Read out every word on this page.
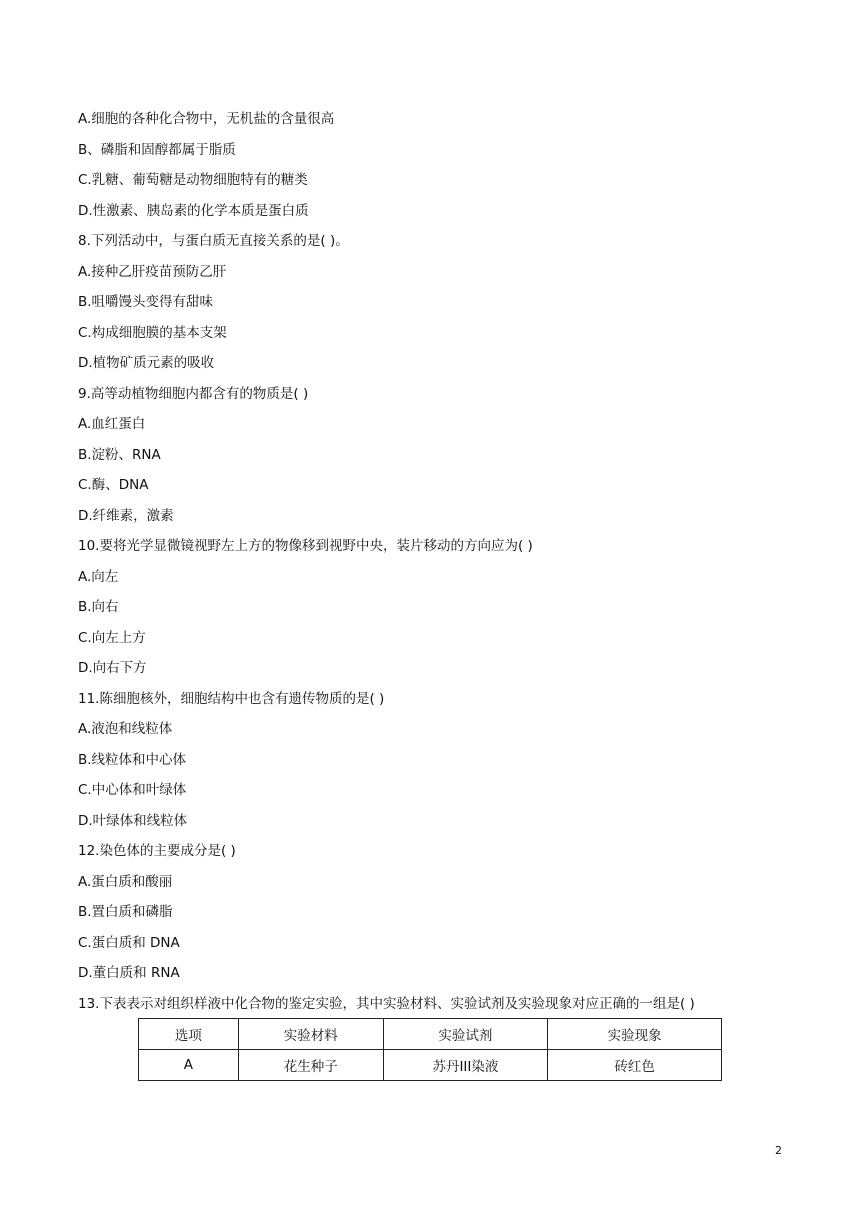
A.细胞的各种化合物中，无机盐的含量很高
B、磷脂和固醇都属于脂质
C.乳糖、葡萄糖是动物细胞特有的糖类
D.性激素、胰岛素的化学本质是蛋白质
8.下列活动中，与蛋白质无直接关系的是( )。
A.接种乙肝疫苗预防乙肝
B.咀嚼馒头变得有甜味
C.构成细胞膜的基本支架
D.植物矿质元素的吸收
9.高等动植物细胞内都含有的物质是( )
A.血红蛋白
B.淀粉、RNA
C.酶、DNA
D.纤维素，激素
10.要将光学显微镜视野左上方的物像移到视野中央，装片移动的方向应为( )
A.向左
B.向右
C.向左上方
D.向右下方
11.陈细胞核外，细胞结构中也含有遗传物质的是( )
A.液泡和线粒体
B.线粒体和中心体
C.中心体和叶绿体
D.叶绿体和线粒体
12.染色体的主要成分是( )
A.蛋白质和酸丽
B.置白质和磷脂
C.蛋白质和 DNA
D.董白质和 RNA
13.下表表示对组织样液中化合物的鉴定实验，其中实验材料、实验试剂及实验现象对应正确的一组是( )
选项	实验材料	实验试剂	实验现象
A	花生种子	苏丹III染液	砖红色
2
